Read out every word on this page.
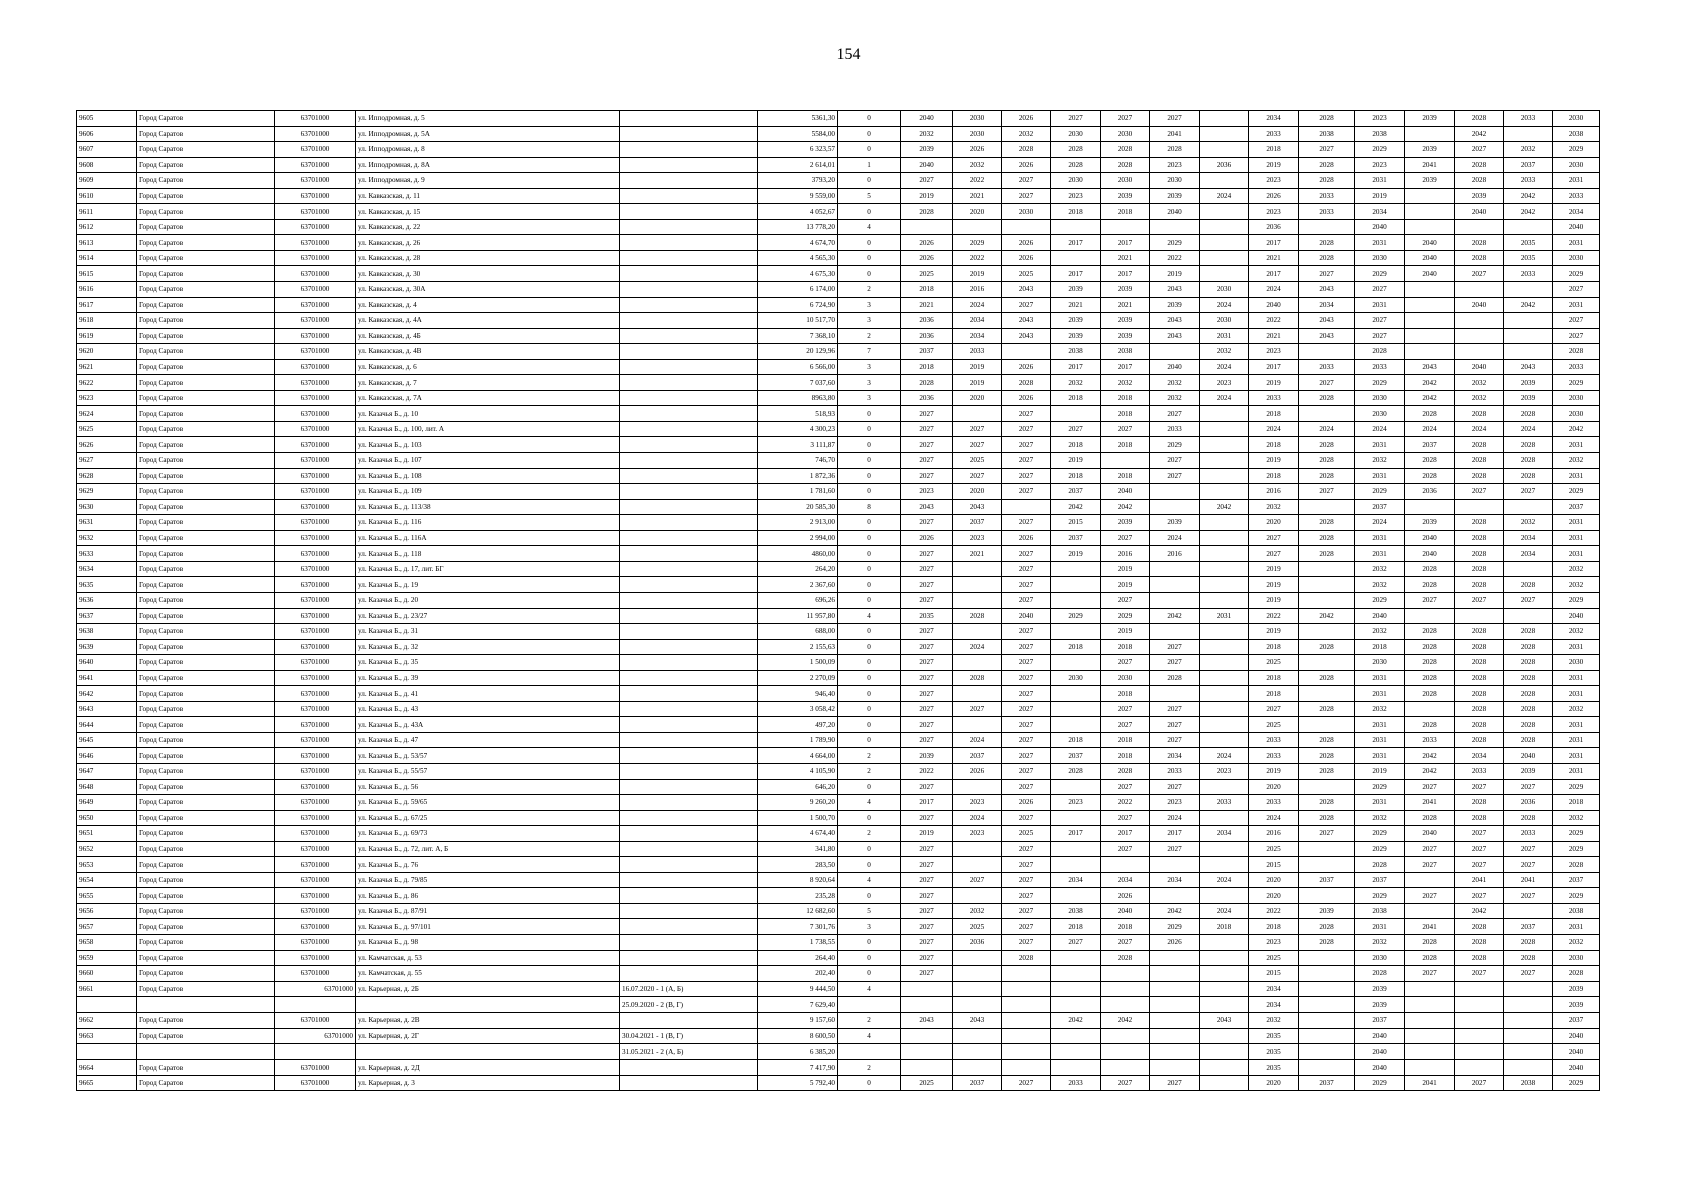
154
9605	Город Саратов	63701000	ул. Ипподромная, д. 5		5361,30	0	2040	2030	2026	2027	2027	2027		2034	2028	2023	2039	2028	2033	2030
9606	Город Саратов	63701000	ул. Ипподромная, д. 5А		5584,00	0	2032	2030	2032	2030	2030	2041		2033	2038	2038		2042		2038
9607	Город Саратов	63701000	ул. Ипподромная, д. 8		6 323,57	0	2039	2026	2028	2028	2028	2028		2018	2027	2029	2039	2027	2032	2029
9608	Город Саратов	63701000	ул. Ипподромная, д. 8А		2 614,01	1	2040	2032	2026	2028	2028	2023	2036	2019	2028	2023	2041	2028	2037	2030
9609	Город Саратов	63701000	ул. Ипподромная, д. 9		3793,20	0	2027	2022	2027	2030	2030	2030		2023	2028	2031	2039	2028	2033	2031
9610	Город Саратов	63701000	ул. Кавказская, д. 11		9 559,00	5	2019	2021	2027	2023	2039	2039	2024	2026	2033	2019		2039	2042	2033
9611	Город Саратов	63701000	ул. Кавказская, д. 15		4 052,67	0	2028	2020	2030	2018	2018	2040		2023	2033	2034		2040	2042	2034
9612	Город Саратов	63701000	ул. Кавказская, д. 22		13 778,20	4								2036		2040				2040
9613	Город Саратов	63701000	ул. Кавказская, д. 26		4 674,70	0	2026	2029	2026	2017	2017	2029		2017	2028	2031	2040	2028	2035	2031
9614	Город Саратов	63701000	ул. Кавказская, д. 28		4 565,30	0	2026	2022	2026		2021	2022		2021	2028	2030	2040	2028	2035	2030
9615	Город Саратов	63701000	ул. Кавказская, д. 30		4 675,30	0	2025	2019	2025	2017	2017	2019		2017	2027	2029	2040	2027	2033	2029
9616	Город Саратов	63701000	ул. Кавказская, д. 30А		6 174,00	2	2018	2016	2043	2039	2039	2043	2030	2024	2043	2027				2027
9617	Город Саратов	63701000	ул. Кавказская, д. 4		6 724,90	3	2021	2024	2027	2021	2021	2039	2024	2040	2034	2031		2040	2042	2031
9618	Город Саратов	63701000	ул. Кавказская, д. 4А		10 517,70	3	2036	2034	2043	2039	2039	2043	2030	2022	2043	2027				2027
9619	Город Саратов	63701000	ул. Кавказская, д. 4Б		7 368,10	2	2036	2034	2043	2039	2039	2043	2031	2021	2043	2027				2027
9620	Город Саратов	63701000	ул. Кавказская, д. 4В		20 129,96	7	2037	2033		2038	2038		2032	2023		2028				2028
9621	Город Саратов	63701000	ул. Кавказская, д. 6		6 566,00	3	2018	2019	2026	2017	2017	2040	2024	2017	2033	2033	2043	2040	2043	2033
9622	Город Саратов	63701000	ул. Кавказская, д. 7		7 037,60	3	2028	2019	2028	2032	2032	2032	2023	2019	2027	2029	2042	2032	2039	2029
9623	Город Саратов	63701000	ул. Кавказская, д. 7А		8963,80	3	2036	2020	2026	2018	2018	2032	2024	2033	2028	2030	2042	2032	2039	2030
9624	Город Саратов	63701000	ул. Казачья Б., д. 10		518,93	0	2027		2027		2018	2027		2018		2030	2028	2028	2028	2030
9625	Город Саратов	63701000	ул. Казачья Б., д. 100, лит. А		4 300,23	0	2027	2027	2027	2027	2027	2033		2024	2024	2024	2024	2024	2024	2042
9626	Город Саратов	63701000	ул. Казачья Б., д. 103		3 111,87	0	2027	2027	2027	2018	2018	2029		2018	2028	2031	2037	2028	2028	2031
9627	Город Саратов	63701000	ул. Казачья Б., д. 107		746,70	0	2027	2025	2027	2019		2027		2019	2028	2032	2028	2028	2028	2032
9628	Город Саратов	63701000	ул. Казачья Б., д. 108		1 872,36	0	2027	2027	2027	2018	2018	2027		2018	2028	2031	2028	2028	2028	2031
9629	Город Саратов	63701000	ул. Казачья Б., д. 109		1 781,60	0	2023	2020	2027	2037	2040			2016	2027	2029	2036	2027	2027	2029
9630	Город Саратов	63701000	ул. Казачья Б., д. 113/38		20 585,30	8	2043	2043		2042	2042		2042	2032		2037				2037
9631	Город Саратов	63701000	ул. Казачья Б., д. 116		2 913,00	0	2027	2037	2027	2015	2039	2039		2020	2028	2024	2039	2028	2032	2031
9632	Город Саратов	63701000	ул. Казачья Б., д. 116А		2 994,00	0	2026	2023	2026	2037	2027	2024		2027	2028	2031	2040	2028	2034	2031
9633	Город Саратов	63701000	ул. Казачья Б., д. 118		4860,00	0	2027	2021	2027	2019	2016	2016		2027	2028	2031	2040	2028	2034	2031
9634	Город Саратов	63701000	ул. Казачья Б., д. 17, лит. БГ		264,20	0	2027		2027		2019			2019		2032	2028	2028		2032
9635	Город Саратов	63701000	ул. Казачья Б., д. 19		2 367,60	0	2027		2027		2019			2019		2032	2028	2028	2028	2032
9636	Город Саратов	63701000	ул. Казачья Б., д. 20		696,26	0	2027		2027		2027			2019		2029	2027	2027	2027	2029
9637	Город Саратов	63701000	ул. Казачья Б., д. 23/27		11 957,80	4	2035	2028	2040	2029	2029	2042	2031	2022	2042	2040				2040
9638	Город Саратов	63701000	ул. Казачья Б., д. 31		688,00	0	2027		2027		2019			2019		2032	2028	2028	2028	2032
9639	Город Саратов	63701000	ул. Казачья Б., д. 32		2 155,63	0	2027	2024	2027	2018	2018	2027		2018	2028	2018	2028	2028	2028	2031
9640	Город Саратов	63701000	ул. Казачья Б., д. 35		1 500,09	0	2027		2027		2027	2027		2025		2030	2028	2028	2028	2030
9641	Город Саратов	63701000	ул. Казачья Б., д. 39		2 270,09	0	2027	2028	2027	2030	2030	2028		2018	2028	2031	2028	2028	2028	2031
9642	Город Саратов	63701000	ул. Казачья Б., д. 41		946,40	0	2027		2027		2018			2018		2031	2028	2028	2028	2031
9643	Город Саратов	63701000	ул. Казачья Б., д. 43		3 058,42	0	2027	2027	2027		2027	2027		2027	2028	2032		2028	2028	2032
9644	Город Саратов	63701000	ул. Казачья Б., д. 43А		497,20	0	2027		2027		2027	2027		2025		2031	2028	2028	2028	2031
9645	Город Саратов	63701000	ул. Казачья Б., д. 47		1 789,90	0	2027	2024	2027	2018	2018	2027		2033	2028	2031	2033	2028	2028	2031
9646	Город Саратов	63701000	ул. Казачья Б., д. 53/57		4 664,00	2	2039	2037	2027	2037	2018	2034	2024	2033	2028	2031	2042	2034	2040	2031
9647	Город Саратов	63701000	ул. Казачья Б., д. 55/57		4 105,90	2	2022	2026	2027	2028	2028	2033	2023	2019	2028	2019	2042	2033	2039	2031
9648	Город Саратов	63701000	ул. Казачья Б., д. 56		646,20	0	2027		2027		2027	2027		2020		2029	2027	2027	2027	2029
9649	Город Саратов	63701000	ул. Казачья Б., д. 59/65		9 260,20	4	2017	2023	2026	2023	2022	2023	2033	2033	2028	2031	2041	2028	2036	2018
9650	Город Саратов	63701000	ул. Казачья Б., д. 67/25		1 500,70	0	2027	2024	2027		2027	2024		2024	2028	2032	2028	2028	2028	2032
9651	Город Саратов	63701000	ул. Казачья Б., д. 69/73		4 674,40	2	2019	2023	2025	2017	2017	2017	2034	2016	2027	2029	2040	2027	2033	2029
9652	Город Саратов	63701000	ул. Казачья Б., д. 72, лит. А, Б		341,80	0	2027		2027		2027	2027		2025		2029	2027	2027	2027	2029
9653	Город Саратов	63701000	ул. Казачья Б., д. 76		283,50	0	2027		2027					2015		2028	2027	2027	2027	2028
9654	Город Саратов	63701000	ул. Казачья Б., д. 79/85		8 920,64	4	2027	2027	2027	2034	2034	2034	2024	2020	2037	2037		2041	2041	2037
9655	Город Саратов	63701000	ул. Казачья Б., д. 86		235,28	0	2027		2027		2026			2020		2029	2027	2027	2027	2029
9656	Город Саратов	63701000	ул. Казачья Б., д. 87/91		12 682,60	5	2027	2032	2027	2038	2040	2042	2024	2022	2039	2038		2042		2038
9657	Город Саратов	63701000	ул. Казачья Б., д. 97/101		7 301,76	3	2027	2025	2027	2018	2018	2029	2018	2018	2028	2031	2041	2028	2037	2031
9658	Город Саратов	63701000	ул. Казачья Б., д. 98		1 738,55	0	2027	2036	2027	2027	2027	2026		2023	2028	2032	2028	2028	2028	2032
9659	Город Саратов	63701000	ул. Камчатская, д. 53		264,40	0	2027		2028		2028			2025		2030	2028	2028	2028	2030
9660	Город Саратов	63701000	ул. Камчатская, д. 55		202,40	0	2027							2015		2028	2027	2027	2027	2028
9661	Город Саратов	63701000	ул. Карьерная, д. 2Б	16.07.2020 - 1 (А, Б)	9 444,50	4								2034		2039				2039
				25.09.2020 - 2 (В, Г)	7 629,40									2034		2039				2039
9662	Город Саратов	63701000	ул. Карьерная, д. 2В		9 157,60	2	2043	2043		2042	2042		2043	2032		2037				2037
9663	Город Саратов	63701000	ул. Карьерная, д. 2Г	30.04.2021 - 1 (В, Г)	8 600,50	4								2035		2040				2040
				31.05.2021 - 2 (А, Б)	6 385,20									2035		2040				2040
9664	Город Саратов	63701000	ул. Карьерная, д. 2Д		7 417,90	2								2035		2040				2040
9665	Город Саратов	63701000	ул. Карьерная, д. 3		5 792,40	0	2025	2037	2027	2033	2027	2027		2020	2037	2029	2041	2027	2038	2029
